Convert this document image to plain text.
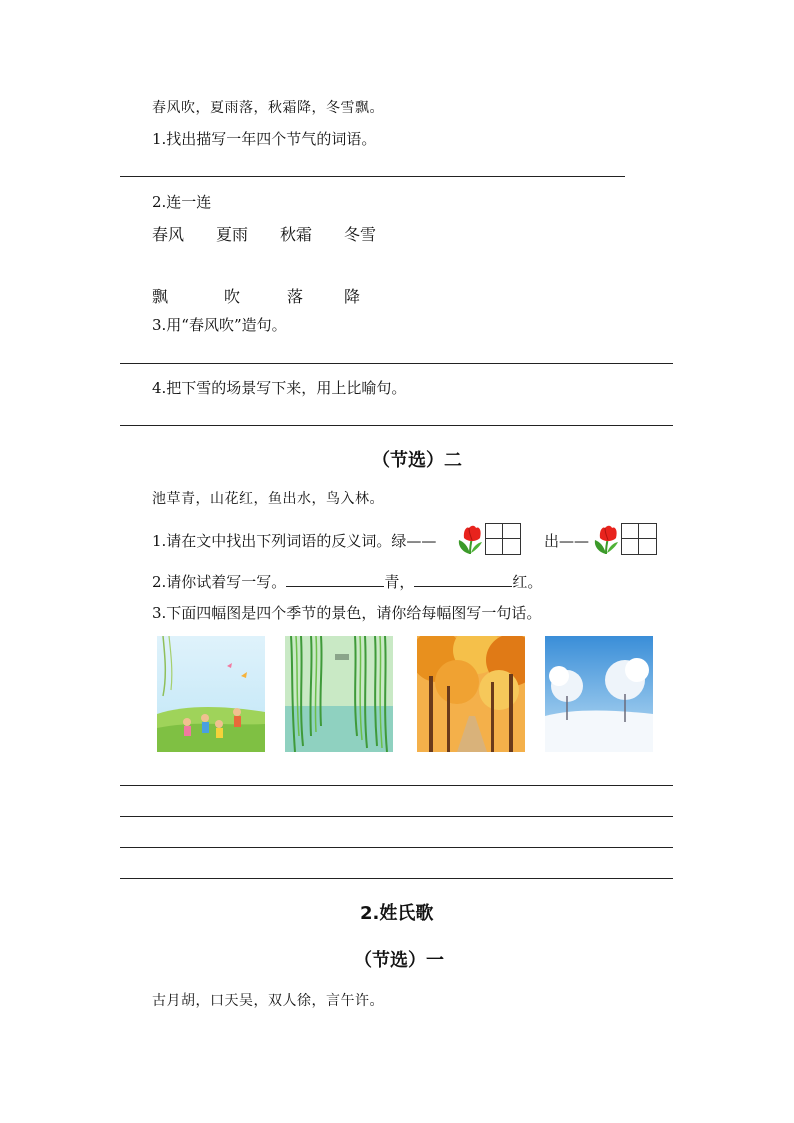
春风吹，夏雨落，秋霜降，冬雪飘。
1.找出描写一年四个节气的词语。
2.连一连
春风 夏雨 秋霜 冬雪
飘	吹	落	降
3.用“春风吹”造句。
4.把下雪的场景写下来，用上比喻句。
（节选）二
池草青，山花红，鱼出水，鸟入林。
1.请在文中找出下列词语的反义词。绿——	出——
2.请你试着写一写。	青，	红。
3.下面四幅图是四个季节的景色，请你给每幅图写一句话。
2.姓氏歌
（节选）一
古月胡，口天吴，双人徐，言午许。
